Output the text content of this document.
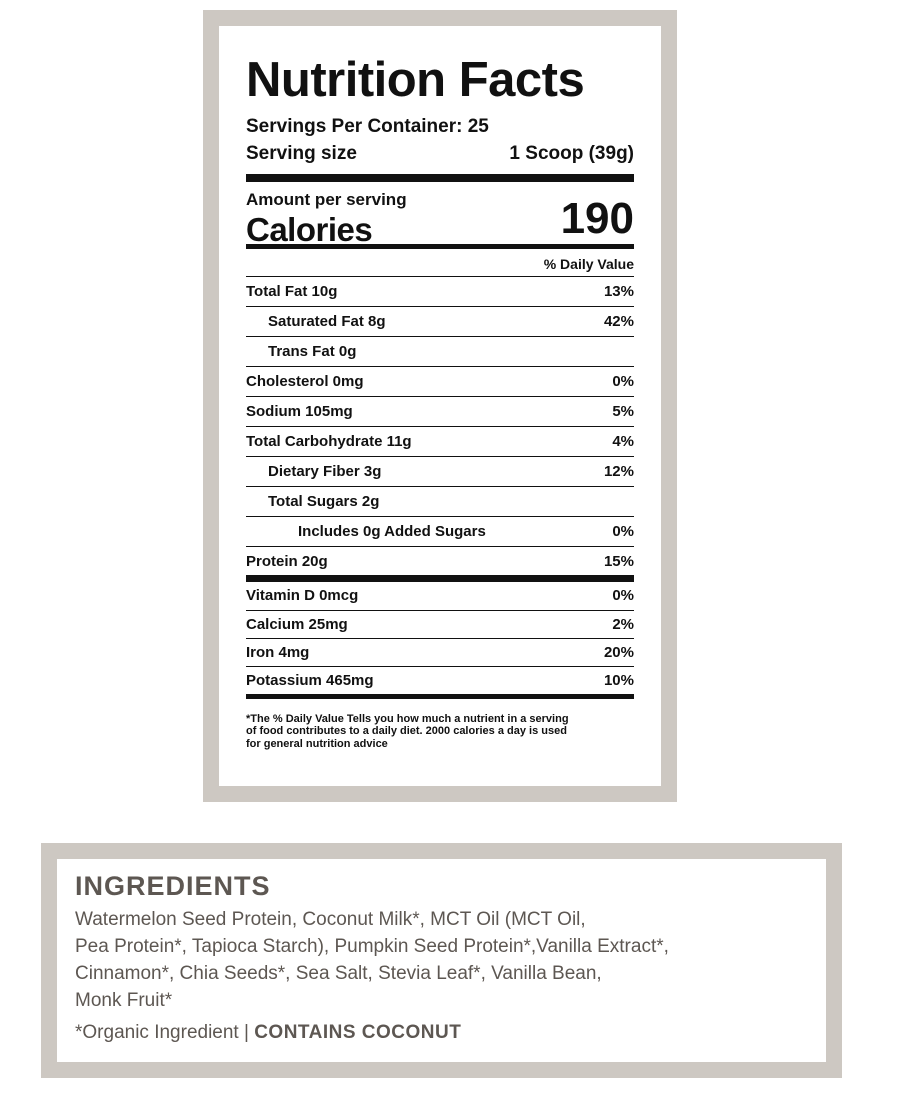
Nutrition Facts
Servings Per Container: 25
Serving size	1 Scoop (39g)
Amount per serving
Calories	190
% Daily Value
Total Fat 10g	13%
Saturated Fat 8g	42%
Trans Fat 0g
Cholesterol 0mg	0%
Sodium 105mg	5%
Total Carbohydrate 11g	4%
Dietary Fiber 3g	12%
Total Sugars 2g
Includes 0g Added Sugars	0%
Protein 20g	15%
Vitamin D 0mcg	0%
Calcium 25mg	2%
Iron 4mg	20%
Potassium 465mg	10%
*The % Daily Value Tells you how much a nutrient in a serving
of food contributes to a daily diet. 2000 calories a day is used
for general nutrition advice
INGREDIENTS
Watermelon Seed Protein, Coconut Milk*, MCT Oil (MCT Oil,
Pea Protein*, Tapioca Starch), Pumpkin Seed Protein*,Vanilla Extract*,
Cinnamon*, Chia Seeds*, Sea Salt, Stevia Leaf*, Vanilla Bean,
Monk Fruit*
*Organic Ingredient | CONTAINS COCONUT
